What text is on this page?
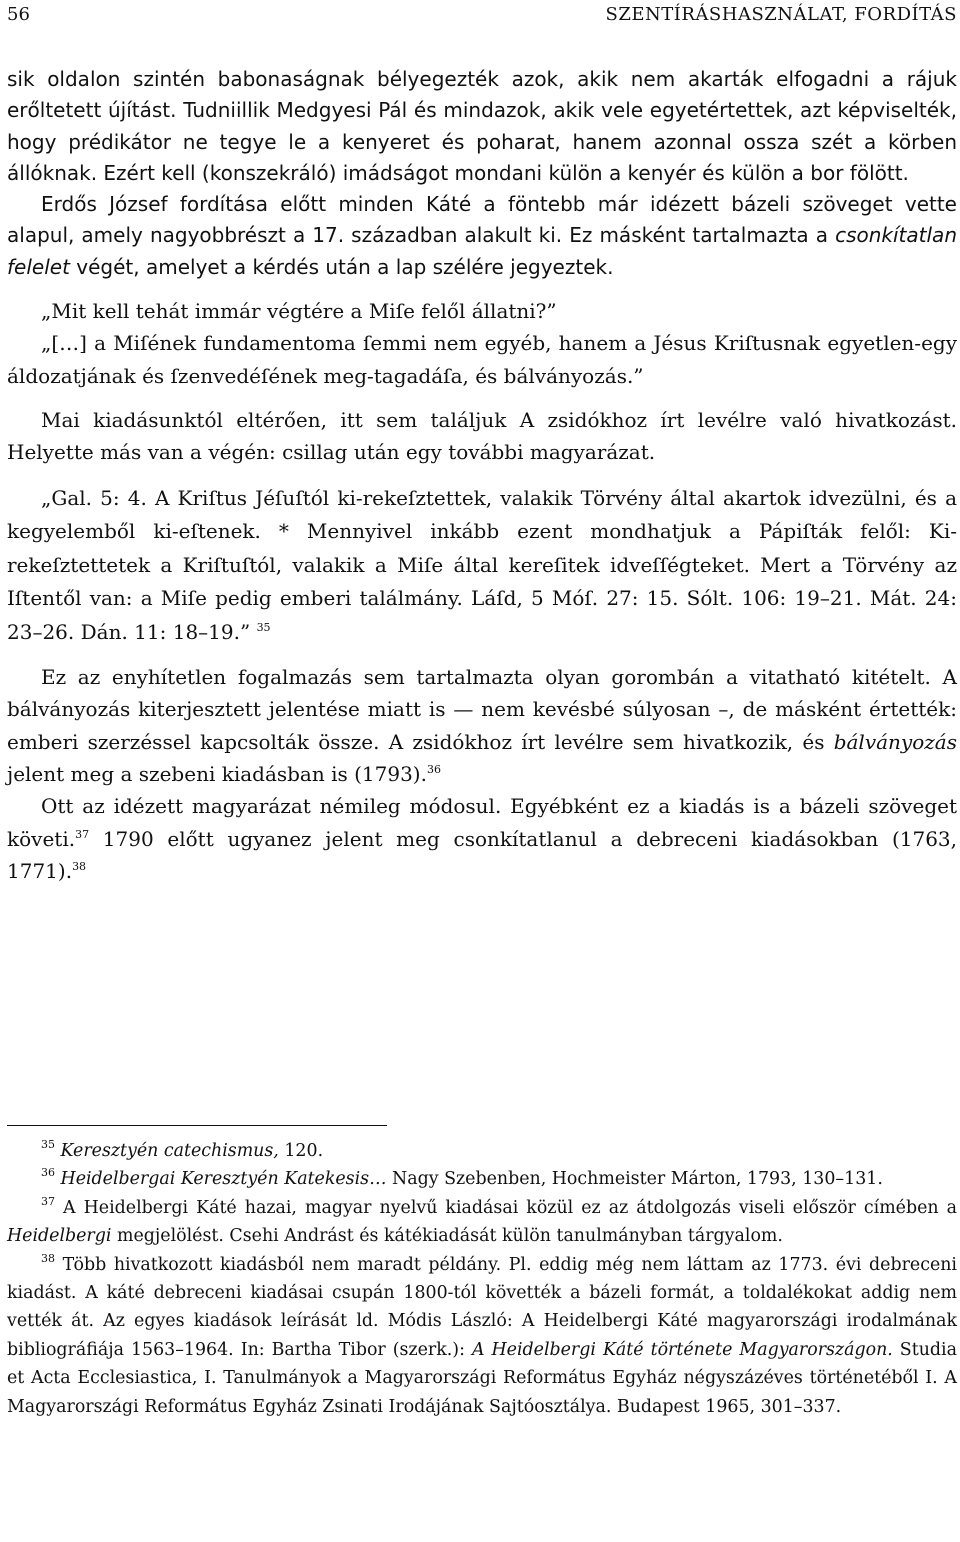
56	SZENTÍRÁSHASZNÁLAT, FORDÍTÁS

sik oldalon szintén babonaságnak bélyegezték azok, akik nem akarták elfogadni a rájuk erőltetett újítást. Tudniillik Medgyesi Pál és mindazok, akik vele egyetértettek, azt képviselték, hogy prédikátor ne tegye le a kenyeret és poharat, hanem azonnal ossza szét a körben állóknak. Ezért kell (konszekráló) imádságot mondani külön a kenyér és külön a bor fölött.

Erdős József fordítása előtt minden Káté a föntebb már idézett bázeli szöveget vette alapul, amely nagyobbrészt a 17. században alakult ki. Ez másként tartalmazta a csonkítatlan felelet végét, amelyet a kérdés után a lap szélére jegyeztek.

„Mit kell tehát immár végtére a Miſe felől állatni?”

„[…] a Miſének fundamentoma ſemmi nem egyéb, hanem a Jésus Kriſtusnak egyetlen-egy áldozatjának és ſzenvedéſének meg-tagadáſa, és bálványozás.”

Mai kiadásunktól eltérően, itt sem találjuk A zsidókhoz írt levélre való hivatkozást. Helyette más van a végén: csillag után egy további magyarázat.

„Gal. 5: 4. A Kriſtus Jéſuſtól ki-rekeſztettek, valakik Törvény által akartok idvezülni, és a kegyelemből ki-eſtenek. * Mennyivel inkább ezent mondhatjuk a Pápiſták felől: Ki-rekeſztettetek a Kriſtuſtól, valakik a Miſe által kereſitek idveſſégteket. Mert a Törvény az Iſtentől van: a Miſe pedig emberi találmány. Láſd, 5 Móſ. 27: 15. Sólt. 106: 19–21. Mát. 24: 23–26. Dán. 11: 18–19.” $^{35}$

Ez az enyhítetlen fogalmazás sem tartalmazta olyan gorombán a vitatható kitételt. A bálványozás kiterjesztett jelentése miatt is — nem kevésbé súlyosan –, de másként értették: emberi szerzéssel kapcsolták össze. A zsidókhoz írt levélre sem hivatkozik, és bálványozás jelent meg a szebeni kiadásban is (1793).$^{36}$

Ott az idézett magyarázat némileg módosul. Egyébként ez a kiadás is a bázeli szöveget követi.$^{37}$ 1790 előtt ugyanez jelent meg csonkítatlanul a debreceni kiadásokban (1763, 1771).$^{38}$

$^{35}$ Keresztyén catechismus, 120.

$^{36}$ Heidelbergai Keresztyén Katekesis… Nagy Szebenben, Hochmeister Márton, 1793, 130–131.

$^{37}$ A Heidelbergi Káté hazai, magyar nyelvű kiadásai közül ez az átdolgozás viseli először címében a Heidelbergi megjelölést. Csehi Andrást és kátékiadását külön tanulmányban tárgyalom.

$^{38}$ Több hivatkozott kiadásból nem maradt példány. Pl. eddig még nem láttam az 1773. évi debreceni kiadást. A káté debreceni kiadásai csupán 1800-tól követték a bázeli formát, a toldalékokat addig nem vették át. Az egyes kiadások leírását ld. Módis László: A Heidelbergi Káté magyarországi irodalmának bibliográfiája 1563–1964. In: Bartha Tibor (szerk.): A Heidelbergi Káté története Magyarországon. Studia et Acta Ecclesiastica, I. Tanulmányok a Magyarországi Református Egyház négyszázéves történetéből I. A Magyarországi Református Egyház Zsinati Irodájának Sajtóosztálya. Budapest 1965, 301–337.
